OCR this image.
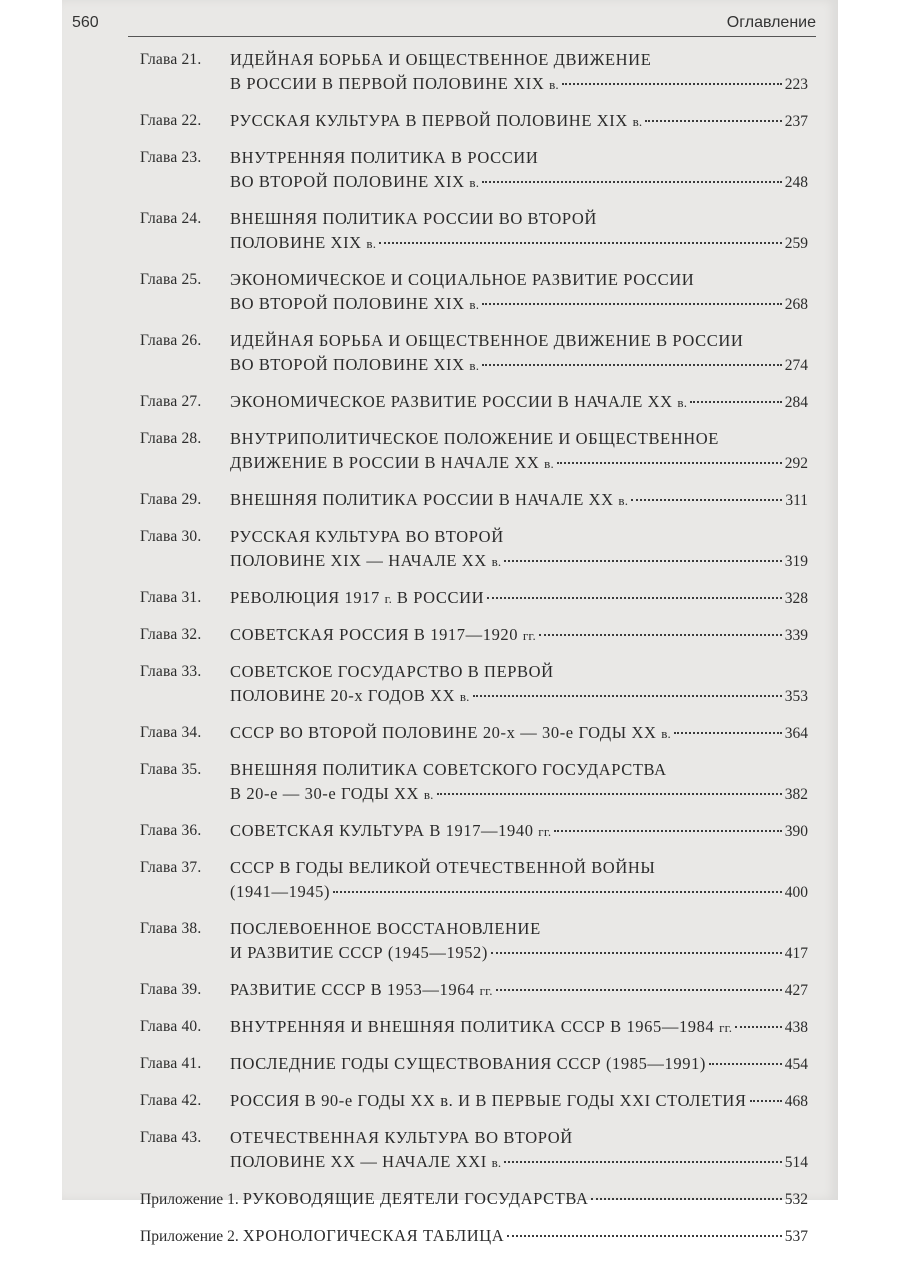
560	Оглавление
Глава 21. ИДЕЙНАЯ БОРЬБА И ОБЩЕСТВЕННОЕ ДВИЖЕНИЕ
В РОССИИ В ПЕРВОЙ ПОЛОВИНЕ XIX в.	223
Глава 22. РУССКАЯ КУЛЬТУРА В ПЕРВОЙ ПОЛОВИНЕ XIX в.	237
Глава 23. ВНУТРЕННЯЯ ПОЛИТИКА В РОССИИ
ВО ВТОРОЙ ПОЛОВИНЕ XIX в.	248
Глава 24. ВНЕШНЯЯ ПОЛИТИКА РОССИИ ВО ВТОРОЙ
ПОЛОВИНЕ XIX в.	259
Глава 25. ЭКОНОМИЧЕСКОЕ И СОЦИАЛЬНОЕ РАЗВИТИЕ РОССИИ
ВО ВТОРОЙ ПОЛОВИНЕ XIX в.	268
Глава 26. ИДЕЙНАЯ БОРЬБА И ОБЩЕСТВЕННОЕ ДВИЖЕНИЕ В РОССИИ
ВО ВТОРОЙ ПОЛОВИНЕ XIX в.	274
Глава 27. ЭКОНОМИЧЕСКОЕ РАЗВИТИЕ РОССИИ В НАЧАЛЕ XX в.	284
Глава 28. ВНУТРИПОЛИТИЧЕСКОЕ ПОЛОЖЕНИЕ И ОБЩЕСТВЕННОЕ
ДВИЖЕНИЕ В РОССИИ В НАЧАЛЕ XX в.	292
Глава 29. ВНЕШНЯЯ ПОЛИТИКА РОССИИ В НАЧАЛЕ XX в.	311
Глава 30. РУССКАЯ КУЛЬТУРА ВО ВТОРОЙ
ПОЛОВИНЕ XIX — НАЧАЛЕ XX в.	319
Глава 31. РЕВОЛЮЦИЯ 1917 г. В РОССИИ	328
Глава 32. СОВЕТСКАЯ РОССИЯ В 1917—1920 гг.	339
Глава 33. СОВЕТСКОЕ ГОСУДАРСТВО В ПЕРВОЙ
ПОЛОВИНЕ 20-х ГОДОВ XX в.	353
Глава 34. СССР ВО ВТОРОЙ ПОЛОВИНЕ 20-х — 30-е ГОДЫ XX в.	364
Глава 35. ВНЕШНЯЯ ПОЛИТИКА СОВЕТСКОГО ГОСУДАРСТВА
В 20-е — 30-е ГОДЫ XX в.	382
Глава 36. СОВЕТСКАЯ КУЛЬТУРА В 1917—1940 гг.	390
Глава 37. СССР В ГОДЫ ВЕЛИКОЙ ОТЕЧЕСТВЕННОЙ ВОЙНЫ
(1941—1945)	400
Глава 38. ПОСЛЕВОЕННОЕ ВОССТАНОВЛЕНИЕ
И РАЗВИТИЕ СССР (1945—1952)	417
Глава 39. РАЗВИТИЕ СССР В 1953—1964 гг.	427
Глава 40. ВНУТРЕННЯЯ И ВНЕШНЯЯ ПОЛИТИКА СССР В 1965—1984 гг.	438
Глава 41. ПОСЛЕДНИЕ ГОДЫ СУЩЕСТВОВАНИЯ СССР (1985—1991)	454
Глава 42. РОССИЯ В 90-е ГОДЫ XX в. И В ПЕРВЫЕ ГОДЫ XXI СТОЛЕТИЯ 468
Глава 43. ОТЕЧЕСТВЕННАЯ КУЛЬТУРА ВО ВТОРОЙ
ПОЛОВИНЕ XX — НАЧАЛЕ XXI в.	514
Приложение 1. РУКОВОДЯЩИЕ ДЕЯТЕЛИ ГОСУДАРСТВА	532
Приложение 2. ХРОНОЛОГИЧЕСКАЯ ТАБЛИЦА	537
